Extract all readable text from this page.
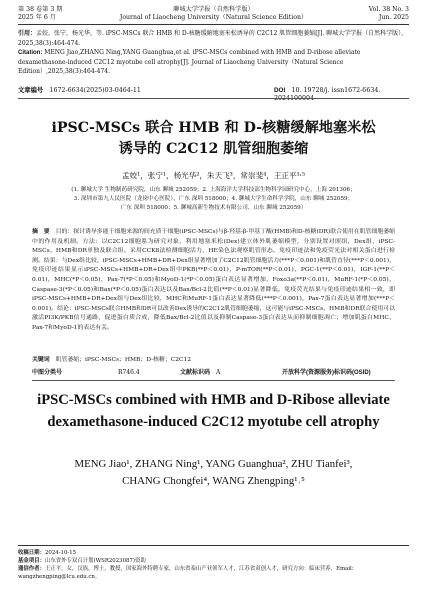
第 38 卷第 3 期
2025 年 6 月
聊城大学学报（自然科学版）
Journal of Liaocheng University（Natural Science Edition）
Vol. 38 No. 3
Jun. 2025
引用：孟姣，张宁，杨光华，等. iPSC-MSCs 联合 HMB 和 D-核糖缓解地塞米松诱导的 C2C12 肌管细胞萎缩[J]. 聊城大学学报（自然科学版），2025,38(3):464-474.
Citation: MENG Jiao,ZHANG Ning,YANG Guanghua,et al. iPSC-MSCs combined with HMB and D-ribose alleviate dexamethasone-induced C2C12 myotube cell atrophy[J]. Journal of Liaocheng University（Natural Science Edition）,2025,38(3):464-474.
文章编号　 1672-6634(2025)03-0464-11	DOI　 10. 19728/j. issn1672-6634. 2024100004
iPSC-MSCs 联合 HMB 和 D-核糖缓解地塞米松
诱导的 C2C12 肌管细胞萎缩
孟姣¹，张宁¹，杨光华²，朱天飞³，常崇斐⁴，王正平¹˒⁵
(1. 聊城大学 生物制药研究院，山东 聊城 252059；2. 上海海洋大学科技部生物科学园研究中心，上海 201306；
3. 深圳市第九人民医院（龙岗中心医院），广东 深圳 518000；4. 聊城大学生命科学学院，山东 聊城 252059；
广东 深圳 518000；5. 聊城高新生物技术有限公司，山东 聊城 252059）
摘　要　 目的：探讨诱导多能干细胞来源的间充质干细胞(iPSC-MSCs)与β-羟基-β-甲基丁酸(HMB)和D-核糖(DR)联合使用在肌管细胞萎缩中的作用及机制。方法：以C2C12细胞系为研究对象，利用地塞米松(Dex)建立体外肌萎缩模型，分别设置对照组，Dex组，iPSC-MSCs、HMB和DR单独及联合组。采用CCK8法检测细胞活力，HE染色法观察肌管形态，免疫印迹法和免疫荧光法对相关蛋白进行检测。结果：与Dex组比较，iPSC-MSCs+HMB+DR+Dex组显著增加了C2C12肌管细胞活力(***P＜0.001)和肌管直径(***P＜0.001)，免疫印迹结果显示iPSC-MSCs+HMB+DR+Dex组中PKB(**P＜0.01)，P-mTOR(**P＜0.01)，PGC-1(**P＜0.01)，IGF-1(**P＜0.01)，MHC(*P＜0.05)，Pax-7(*P＜0.05)和MyoD-1(*P＜0.05)蛋白表达显著增加，Foxo3a(**P＜0.01)，MuRF-1(*P＜0.05)，Caspase-3(*P＜0.05)和Bax(*P＜0.05)蛋白表达以及Bax/Bcl-2比值(**P＜0.01)显著降低。免疫荧光结果与免疫印迹结果相一致，即iPSC-MSCs+HMB+DR+Dex组与Dex组比较，MHC和MuRF-1蛋白表达显著降低(***P＜0.001)，Pax-7蛋白表达显著增加(***P＜0.001)。结论：iPSC-MSCs联合HMB和DR可以改善Dex诱导的C2C12肌管细胞萎缩，这可能与iPSC-MSCs、HMB和DR联合使用可以激活PI3K/PKB信号通路，促进蛋白质合成，降低Bax/Bcl-2比值以及抑制Caspase-3蛋白表达从而抑制细胞凋亡；增加肌蛋白MHC、Pax-7和MyoD-1的表达有关。
关键词　 肌管萎缩；iPSC-MSCs；HMB；D-核糖；C2C12
中图分类号	R746.4	文献标识码　 A	开放科学(资源服务)标识码(OSID)
iPSC-MSCs combined with HMB and D-Ribose alleviate
dexamethasone-induced C2C12 myotube cell atrophy
MENG Jiao¹, ZHANG Ning¹, YANG Guanghua², ZHU Tianfei³,
CHANG Chongfei⁴, WANG Zhengping¹˒⁵
收稿日期：2024-10-15
基金项目：山东省外专双百计划(WSR2023087)资助
通信作者：王正平，女，汉族，博士，教授，国家海外特聘专家，山东省泰山产业领军人才，江苏省双创人才，研究方向：临床营养，Email: wangzhengping@lcu.edu.cn。
